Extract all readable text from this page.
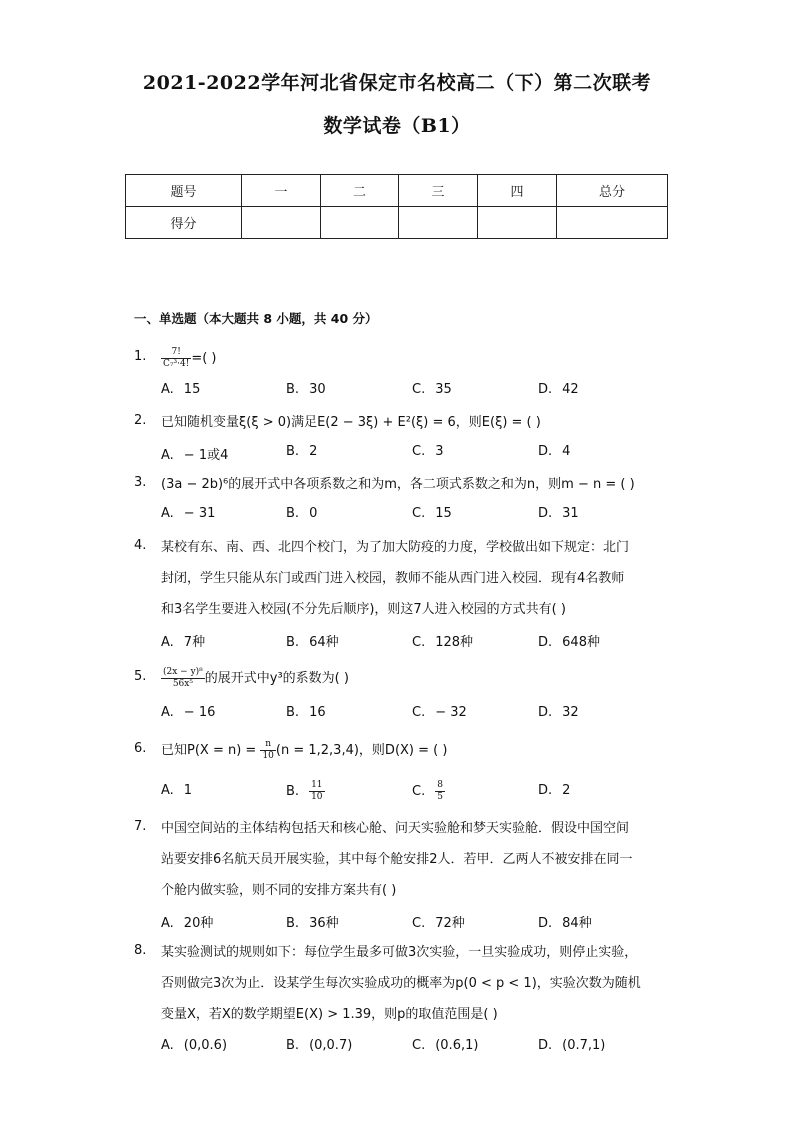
2021-2022学年河北省保定市名校高二（下）第二次联考
数学试卷（B1）
题号	一	二	三	四	总分
得分					
一、单选题（本大题共 8 小题，共 40 分）
1.	$\frac{7!}{\text{C₇³·4!}}$ =( )
A. 15	B. 30	C. 35	D. 42
2.	已知随机变量ξ(ξ > 0)满足E(2 − 3ξ) + E²(ξ) = 6，则E(ξ) = ( )
A. − 1或4	B. 2	C. 3	D. 4
3.	(3a − 2b)⁶的展开式中各项系数之和为m，各二项式系数之和为n，则m − n = ( )
A. − 31	B. 0	C. 15	D. 31
4.	某校有东、南、西、北四个校门，为了加大防疫的力度，学校做出如下规定：北门
封闭，学生只能从东门或西门进入校园，教师不能从西门进入校园．现有4名教师
和3名学生要进入校园(不分先后顺序)，则这7人进入校园的方式共有( )
A. 7种	B. 64种	C. 128种	D. 648种
5.	$\frac{\text{(2x − y)⁸}}{\text{56x⁵}}$ 的展开式中y³的系数为( )
A. − 16	B. 16	C. − 32	D. 32
6.	已知$P(X = n) = \frac{n}{10} (n = 1,2,3,4)$，则D(X) = ( )
A. 1	B. $\frac{11}{10}$	C. $\frac{8}{5}$	D. 2
7.	中国空间站的主体结构包括天和核心舱、问天实验舱和梦天实验舱．假设中国空间
站要安排6名航天员开展实验，其中每个舱安排2人．若甲．乙两人不被安排在同一
个舱内做实验，则不同的安排方案共有( )
A. 20种	B. 36种	C. 72种	D. 84种
8.	某实验测试的规则如下：每位学生最多可做3次实验，一旦实验成功，则停止实验，
否则做完3次为止．设某学生每次实验成功的概率为p(0 < p < 1)，实验次数为随机
变量X，若X的数学期望E(X) > 1.39，则p的取值范围是( )
A. (0,0.6)	B. (0,0.7)	C. (0.6,1)	D. (0.7,1)
